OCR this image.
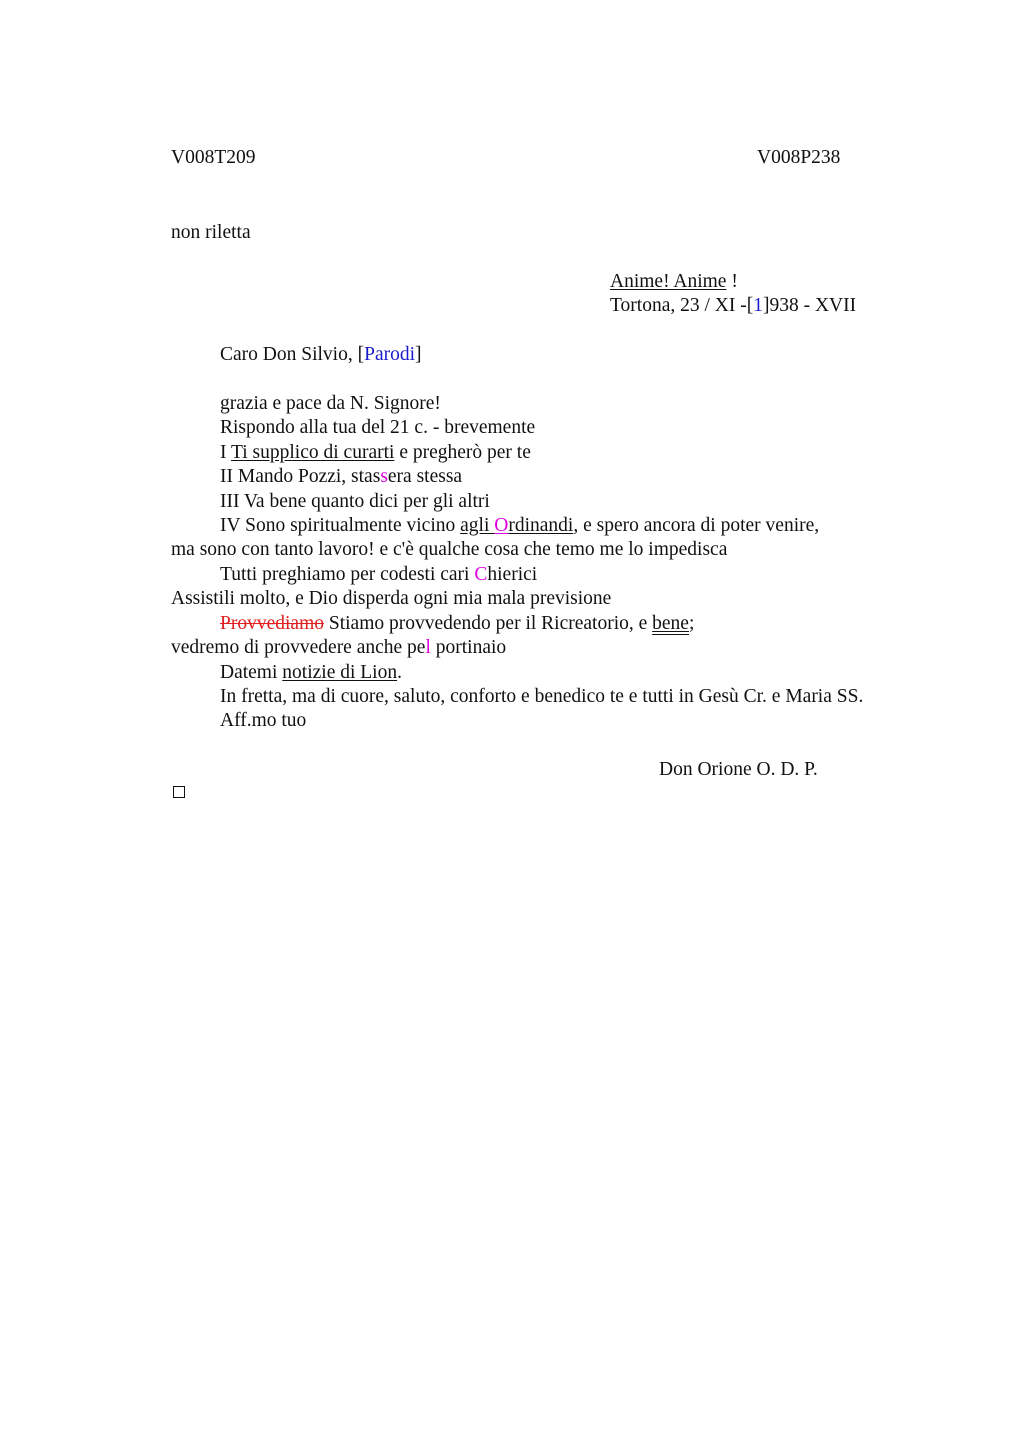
V008T209	V008P238
non riletta
Anime! Anime !
Tortona, 23 / XI -[1]938 - XVII
Caro Don Silvio, [Parodi]
grazia e pace da N. Signore!
Rispondo alla tua del 21 c. - brevemente
I Ti supplico di curarti e pregherò per te
II Mando Pozzi, stassera stessa
III Va bene quanto dici per gli altri
IV Sono spiritualmente vicino agli Ordinandi, e spero ancora di poter venire,
ma sono con tanto lavoro! e c'è qualche cosa che temo me lo impedisca
Tutti preghiamo per codesti cari Chierici
Assistili molto, e Dio disperda ogni mia mala previsione
Provvediamo Stiamo provvedendo per il Ricreatorio, e bene;
vedremo di provvedere anche pel portinaio
Datemi notizie di Lion.
In fretta, ma di cuore, saluto, conforto e benedico te e tutti in Gesù Cr. e Maria SS.
Aff.mo tuo
Don Orione O. D. P.
